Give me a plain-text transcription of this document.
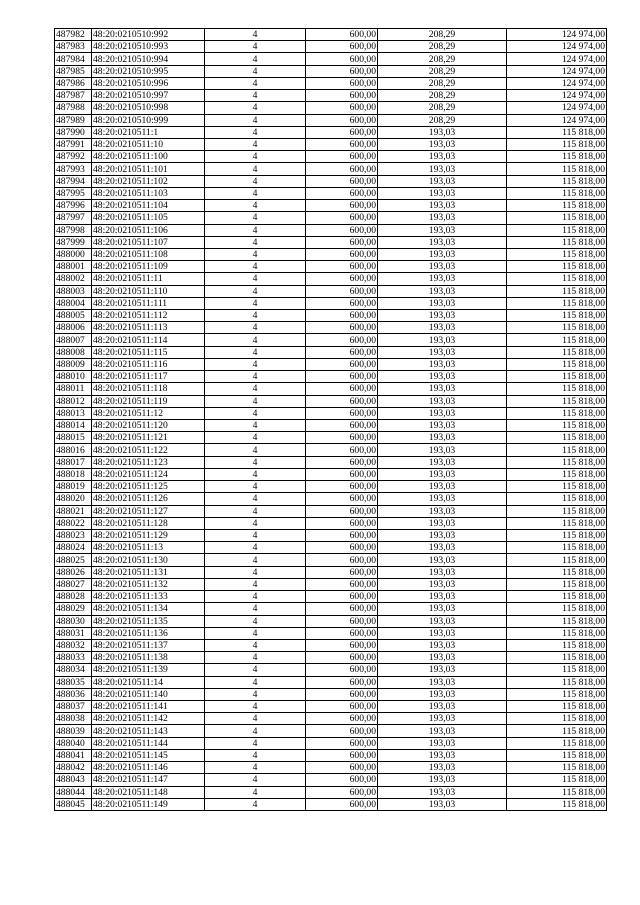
487982	48:20:0210510:992	4	600,00	208,29	124 974,00
487983	48:20:0210510:993	4	600,00	208,29	124 974,00
487984	48:20:0210510:994	4	600,00	208,29	124 974,00
487985	48:20:0210510:995	4	600,00	208,29	124 974,00
487986	48:20:0210510:996	4	600,00	208,29	124 974,00
487987	48:20:0210510:997	4	600,00	208,29	124 974,00
487988	48:20:0210510:998	4	600,00	208,29	124 974,00
487989	48:20:0210510:999	4	600,00	208,29	124 974,00
487990	48:20:0210511:1	4	600,00	193,03	115 818,00
487991	48:20:0210511:10	4	600,00	193,03	115 818,00
487992	48:20:0210511:100	4	600,00	193,03	115 818,00
487993	48:20:0210511:101	4	600,00	193,03	115 818,00
487994	48:20:0210511:102	4	600,00	193,03	115 818,00
487995	48:20:0210511:103	4	600,00	193,03	115 818,00
487996	48:20:0210511:104	4	600,00	193,03	115 818,00
487997	48:20:0210511:105	4	600,00	193,03	115 818,00
487998	48:20:0210511:106	4	600,00	193,03	115 818,00
487999	48:20:0210511:107	4	600,00	193,03	115 818,00
488000	48:20:0210511:108	4	600,00	193,03	115 818,00
488001	48:20:0210511:109	4	600,00	193,03	115 818,00
488002	48:20:0210511:11	4	600,00	193,03	115 818,00
488003	48:20:0210511:110	4	600,00	193,03	115 818,00
488004	48:20:0210511:111	4	600,00	193,03	115 818,00
488005	48:20:0210511:112	4	600,00	193,03	115 818,00
488006	48:20:0210511:113	4	600,00	193,03	115 818,00
488007	48:20:0210511:114	4	600,00	193,03	115 818,00
488008	48:20:0210511:115	4	600,00	193,03	115 818,00
488009	48:20:0210511:116	4	600,00	193,03	115 818,00
488010	48:20:0210511:117	4	600,00	193,03	115 818,00
488011	48:20:0210511:118	4	600,00	193,03	115 818,00
488012	48:20:0210511:119	4	600,00	193,03	115 818,00
488013	48:20:0210511:12	4	600,00	193,03	115 818,00
488014	48:20:0210511:120	4	600,00	193,03	115 818,00
488015	48:20:0210511:121	4	600,00	193,03	115 818,00
488016	48:20:0210511:122	4	600,00	193,03	115 818,00
488017	48:20:0210511:123	4	600,00	193,03	115 818,00
488018	48:20:0210511:124	4	600,00	193,03	115 818,00
488019	48:20:0210511:125	4	600,00	193,03	115 818,00
488020	48:20:0210511:126	4	600,00	193,03	115 818,00
488021	48:20:0210511:127	4	600,00	193,03	115 818,00
488022	48:20:0210511:128	4	600,00	193,03	115 818,00
488023	48:20:0210511:129	4	600,00	193,03	115 818,00
488024	48:20:0210511:13	4	600,00	193,03	115 818,00
488025	48:20:0210511:130	4	600,00	193,03	115 818,00
488026	48:20:0210511:131	4	600,00	193,03	115 818,00
488027	48:20:0210511:132	4	600,00	193,03	115 818,00
488028	48:20:0210511:133	4	600,00	193,03	115 818,00
488029	48:20:0210511:134	4	600,00	193,03	115 818,00
488030	48:20:0210511:135	4	600,00	193,03	115 818,00
488031	48:20:0210511:136	4	600,00	193,03	115 818,00
488032	48:20:0210511:137	4	600,00	193,03	115 818,00
488033	48:20:0210511:138	4	600,00	193,03	115 818,00
488034	48:20:0210511:139	4	600,00	193,03	115 818,00
488035	48:20:0210511:14	4	600,00	193,03	115 818,00
488036	48:20:0210511:140	4	600,00	193,03	115 818,00
488037	48:20:0210511:141	4	600,00	193,03	115 818,00
488038	48:20:0210511:142	4	600,00	193,03	115 818,00
488039	48:20:0210511:143	4	600,00	193,03	115 818,00
488040	48:20:0210511:144	4	600,00	193,03	115 818,00
488041	48:20:0210511:145	4	600,00	193,03	115 818,00
488042	48:20:0210511:146	4	600,00	193,03	115 818,00
488043	48:20:0210511:147	4	600,00	193,03	115 818,00
488044	48:20:0210511:148	4	600,00	193,03	115 818,00
488045	48:20:0210511:149	4	600,00	193,03	115 818,00
